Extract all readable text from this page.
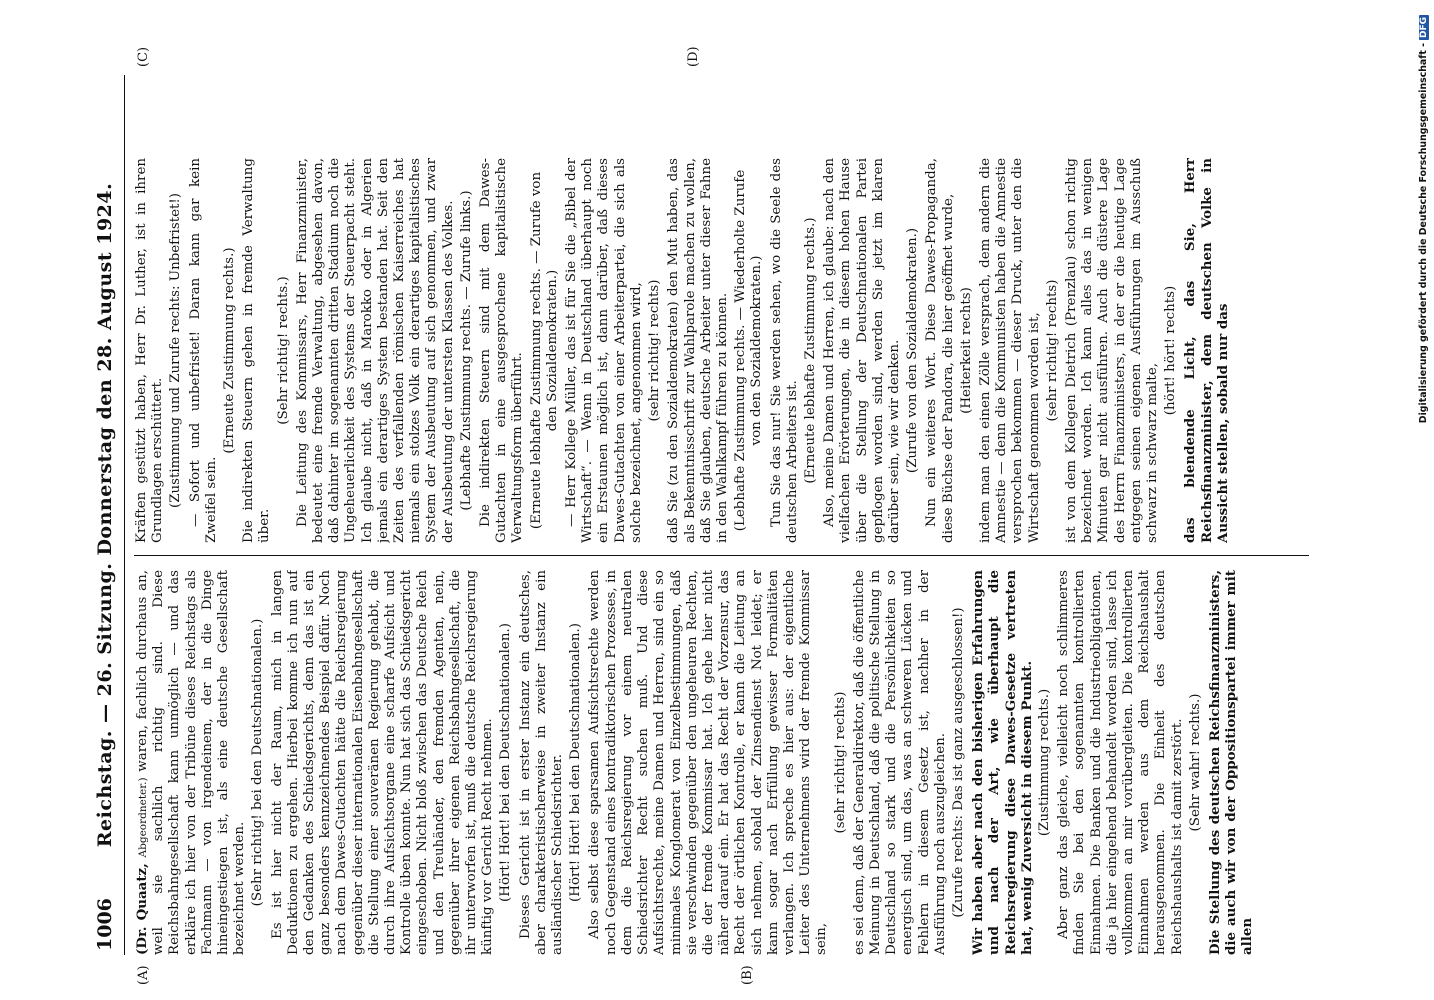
1006
Reichstag. — 26. Sitzung. Donnerstag den 28. August 1924.
(A)	(B)
(C)	(D)

(Dr. Quaatz, Abgeordneter.) waren, fachlich durchaus an, weil sie sachlich richtig sind. Diese Reichsbahngesellschaft kann unmöglich — und das erkläre ich hier von der Tribüne dieses Reichstags als Fachmann — von irgendeinem, der in die Dinge hineingestiegen ist, als eine deutsche Gesellschaft bezeichnet werden. (Sehr richtig! bei den Deutschnationalen.) Es ist hier nicht der Raum, mich in langen Deduktionen zu ergehen. Hierbei komme ich nun auf den Gedanken des Schiedsgerichts, denn das ist ein ganz besonders kennzeichnendes Beispiel dafür. Noch nach dem Dawes-Gutachten hätte die Reichsregierung gegenüber dieser internationalen Eisenbahngesellschaft die Stellung einer souveränen Regierung gehabt, die durch ihre Aufsichtsorgane eine scharfe Aufsicht und Kontrolle üben konnte. Nun hat sich das Schiedsgericht eingeschoben. Nicht bloß zwischen das Deutsche Reich und den Treuhänder, den fremden Agenten, nein, gegenüber ihrer eigenen Reichsbahngesellschaft, die ihr unterworfen ist, muß die deutsche Reichsregierung künftig vor Gericht Recht nehmen. (Hört! Hört! bei den Deutschnationalen.) Dieses Gericht ist in erster Instanz ein deutsches, aber charakteristischerweise in zweiter Instanz ein ausländischer Schiedsrichter. (Hört! Hört! bei den Deutschnationalen.) Also selbst diese sparsamen Aufsichtsrechte werden noch Gegenstand eines kontradiktorischen Prozesses, in dem die Reichsregierung vor einem neutralen Schiedsrichter Recht suchen muß. Und diese Aufsichtsrechte, meine Damen und Herren, sind ein so minimales Konglomerat von Einzelbestimmungen, daß sie verschwinden gegenüber den ungeheuren Rechten, die der fremde Kommissar hat. Ich gehe hier nicht näher darauf ein. Er hat das Recht der Vorzensur, das Recht der örtlichen Kontrolle, er kann die Leitung an sich nehmen, sobald der Zinsendienst Not leidet; er kann sogar nach Erfüllung gewisser Formalitäten verlangen. Ich spreche es hier aus: der eigentliche Leiter des Unternehmens wird der fremde Kommissar sein,

(sehr richtig! rechts) es sei denn, daß der Generaldirektor, daß die öffentliche Meinung in Deutschland, daß die politische Stellung in Deutschland so stark und die Persönlichkeiten so energisch sind, um das, was an schweren Lücken und Fehlern in diesem Gesetz ist, nachher in der Ausführung noch auszugleichen. (Zurufe rechts: Das ist ganz ausgeschlossen!) Wir haben aber nach den bisherigen Erfahrungen und nach der Art, wie überhaupt die Reichsregierung diese Dawes-Gesetze vertreten hat, wenig Zuversicht in diesem Punkt. (Zustimmung rechts.) Aber ganz das gleiche, vielleicht noch schlimmeres finden Sie bei den sogenannten kontrollierten Einnahmen. Die Banken und die Industrieobligationen, die ja hier eingehend behandelt worden sind, lasse ich vollkommen an mir vorübergleiten. Die kontrollierten Einnahmen werden aus dem Reichshaushalt herausgenommen. Die Einheit des deutschen Reichshaushalts ist damit zerstört. (Sehr wahr! rechts.) Die Stellung des deutschen Reichsfinanzministers, die auch wir von der Oppositionspartei immer mit allen

Kräften gestützt haben, Herr Dr. Luther, ist in ihren Grundlagen erschüttert. (Zustimmung und Zurufe rechts: Unbefristet!) — Sofort und unbefristet! Daran kann gar kein Zweifel sein.

(Erneute Zustimmung rechts.) Die indirekten Steuern gehen in fremde Verwaltung über.

(Sehr richtig! rechts.) Die Leitung des Kommissars, Herr Finanzminister, bedeutet eine fremde Verwaltung, abgesehen davon, daß dahinter im sogenannten dritten Stadium noch die Ungeheuerlichkeit des Systems der Steuerpacht steht. Ich glaube nicht, daß in Marokko oder in Algerien jemals ein derartiges System bestanden hat. Seit den Zeiten des verfallenden römischen Kaiserreiches hat niemals ein stolzes Volk ein derartiges kapitalistisches System der Ausbeutung auf sich genommen, und zwar der Ausbeutung der untersten Klassen des Volkes. (Lebhafte Zustimmung rechts. — Zurufe links.) Die indirekten Steuern sind mit dem Dawes-Gutachten in eine ausgesprochene kapitalistische Verwaltungsform überführt. (Erneute lebhafte Zustimmung rechts. — Zurufe von den Sozialdemokraten.) — Herr Kollege Müller, das ist für Sie die „Bibel der Wirtschaft“. — Wenn in Deutschland überhaupt noch ein Erstaunen möglich ist, dann darüber, daß dieses Dawes-Gutachten von einer Arbeiterpartei, die sich als solche bezeichnet, angenommen wird, (sehr richtig! rechts) daß Sie (zu den Sozialdemokraten) den Mut haben, das als Bekenntnisschrift zur Wahlparole machen zu wollen, daß Sie glauben, deutsche Arbeiter unter dieser Fahne in den Wahlkampf führen zu können. (Lebhafte Zustimmung rechts. — Wiederholte Zurufe von den Sozialdemokraten.) Tun Sie das nur! Sie werden sehen, wo die Seele des deutschen Arbeiters ist. (Erneute lebhafte Zustimmung rechts.) Also, meine Damen und Herren, ich glaube: nach den vielfachen Erörterungen, die in diesem hohen Hause über die Stellung der Deutschnationalen Partei gepflogen worden sind, werden Sie jetzt im klaren darüber sein, wie wir denken. (Zurufe von den Sozialdemokraten.) Nun ein weiteres Wort. Diese Dawes-Propaganda, diese Büchse der Pandora, die hier geöffnet wurde, (Heiterkeit rechts) indem man den einen Zölle versprach, dem andern die Amnestie — denn die Kommunisten haben die Amnestie versprochen bekommen — dieser Druck, unter den die Wirtschaft genommen worden ist, (sehr richtig! rechts) ist von dem Kollegen Dietrich (Prenzlau) schon richtig bezeichnet worden. Ich kann alles das in wenigen Minuten gar nicht ausführen. Auch die düstere Lage des Herrn Finanzministers, in der er die heutige Lage entgegen seinen eigenen Ausführungen im Ausschuß schwarz in schwarz malte,

(hört! hört! rechts) das blendende Licht, das Sie, Herr Reichsfinanzminister, dem deutschen Volke in Aussicht stellen, sobald nur das

Digitalisierung gefördert durch die Deutsche Forschungsgemeinschaft -DFG
